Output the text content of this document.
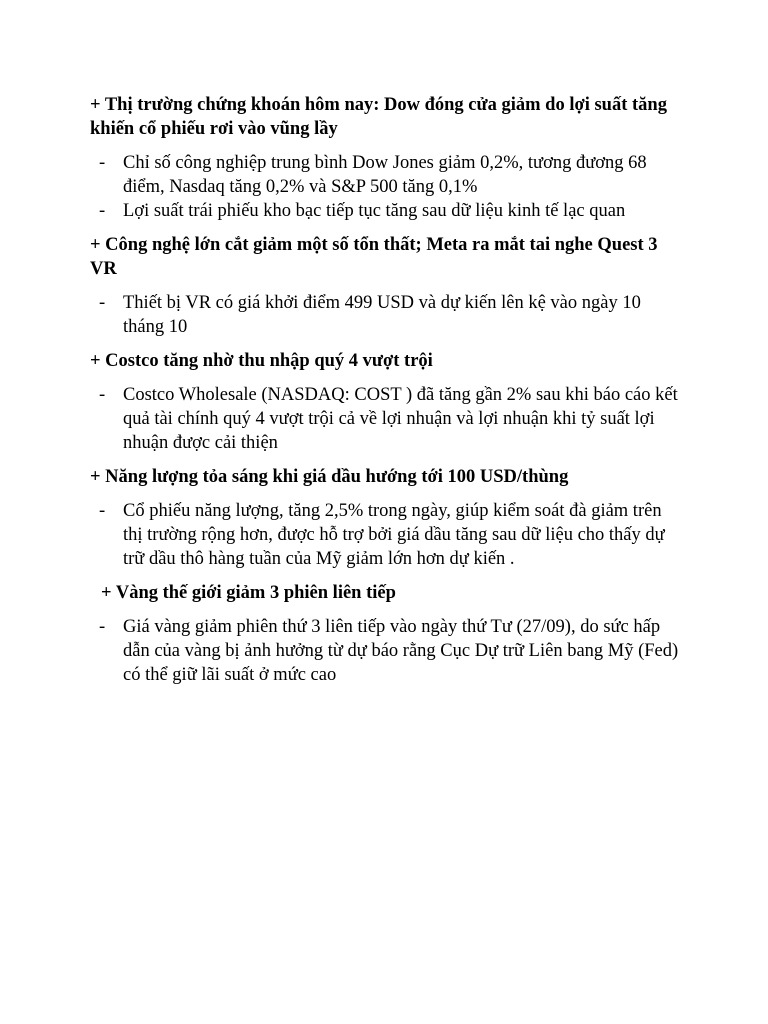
+ Thị trường chứng khoán hôm nay: Dow đóng cửa giảm do lợi suất tăng khiến cổ phiếu rơi vào vũng lầy
- Chỉ số công nghiệp trung bình Dow Jones giảm 0,2%, tương đương 68 điểm, Nasdaq tăng 0,2% và S&P 500 tăng 0,1%
- Lợi suất trái phiếu kho bạc tiếp tục tăng sau dữ liệu kinh tế lạc quan
+ Công nghệ lớn cắt giảm một số tổn thất; Meta ra mắt tai nghe Quest 3 VR
- Thiết bị VR có giá khởi điểm 499 USD và dự kiến lên kệ vào ngày 10 tháng 10
+ Costco tăng nhờ thu nhập quý 4 vượt trội
- Costco Wholesale (NASDAQ: COST ) đã tăng gần 2% sau khi báo cáo kết quả tài chính quý 4 vượt trội cả về lợi nhuận và lợi nhuận khi tỷ suất lợi nhuận được cải thiện
+ Năng lượng tỏa sáng khi giá dầu hướng tới 100 USD/thùng
- Cổ phiếu năng lượng, tăng 2,5% trong ngày, giúp kiểm soát đà giảm trên thị trường rộng hơn, được hỗ trợ bởi giá dầu tăng sau dữ liệu cho thấy dự trữ dầu thô hàng tuần của Mỹ giảm lớn hơn dự kiến .
+ Vàng thế giới giảm 3 phiên liên tiếp
- Giá vàng giảm phiên thứ 3 liên tiếp vào ngày thứ Tư (27/09), do sức hấp dẫn của vàng bị ảnh hưởng từ dự báo rằng Cục Dự trữ Liên bang Mỹ (Fed) có thể giữ lãi suất ở mức cao
